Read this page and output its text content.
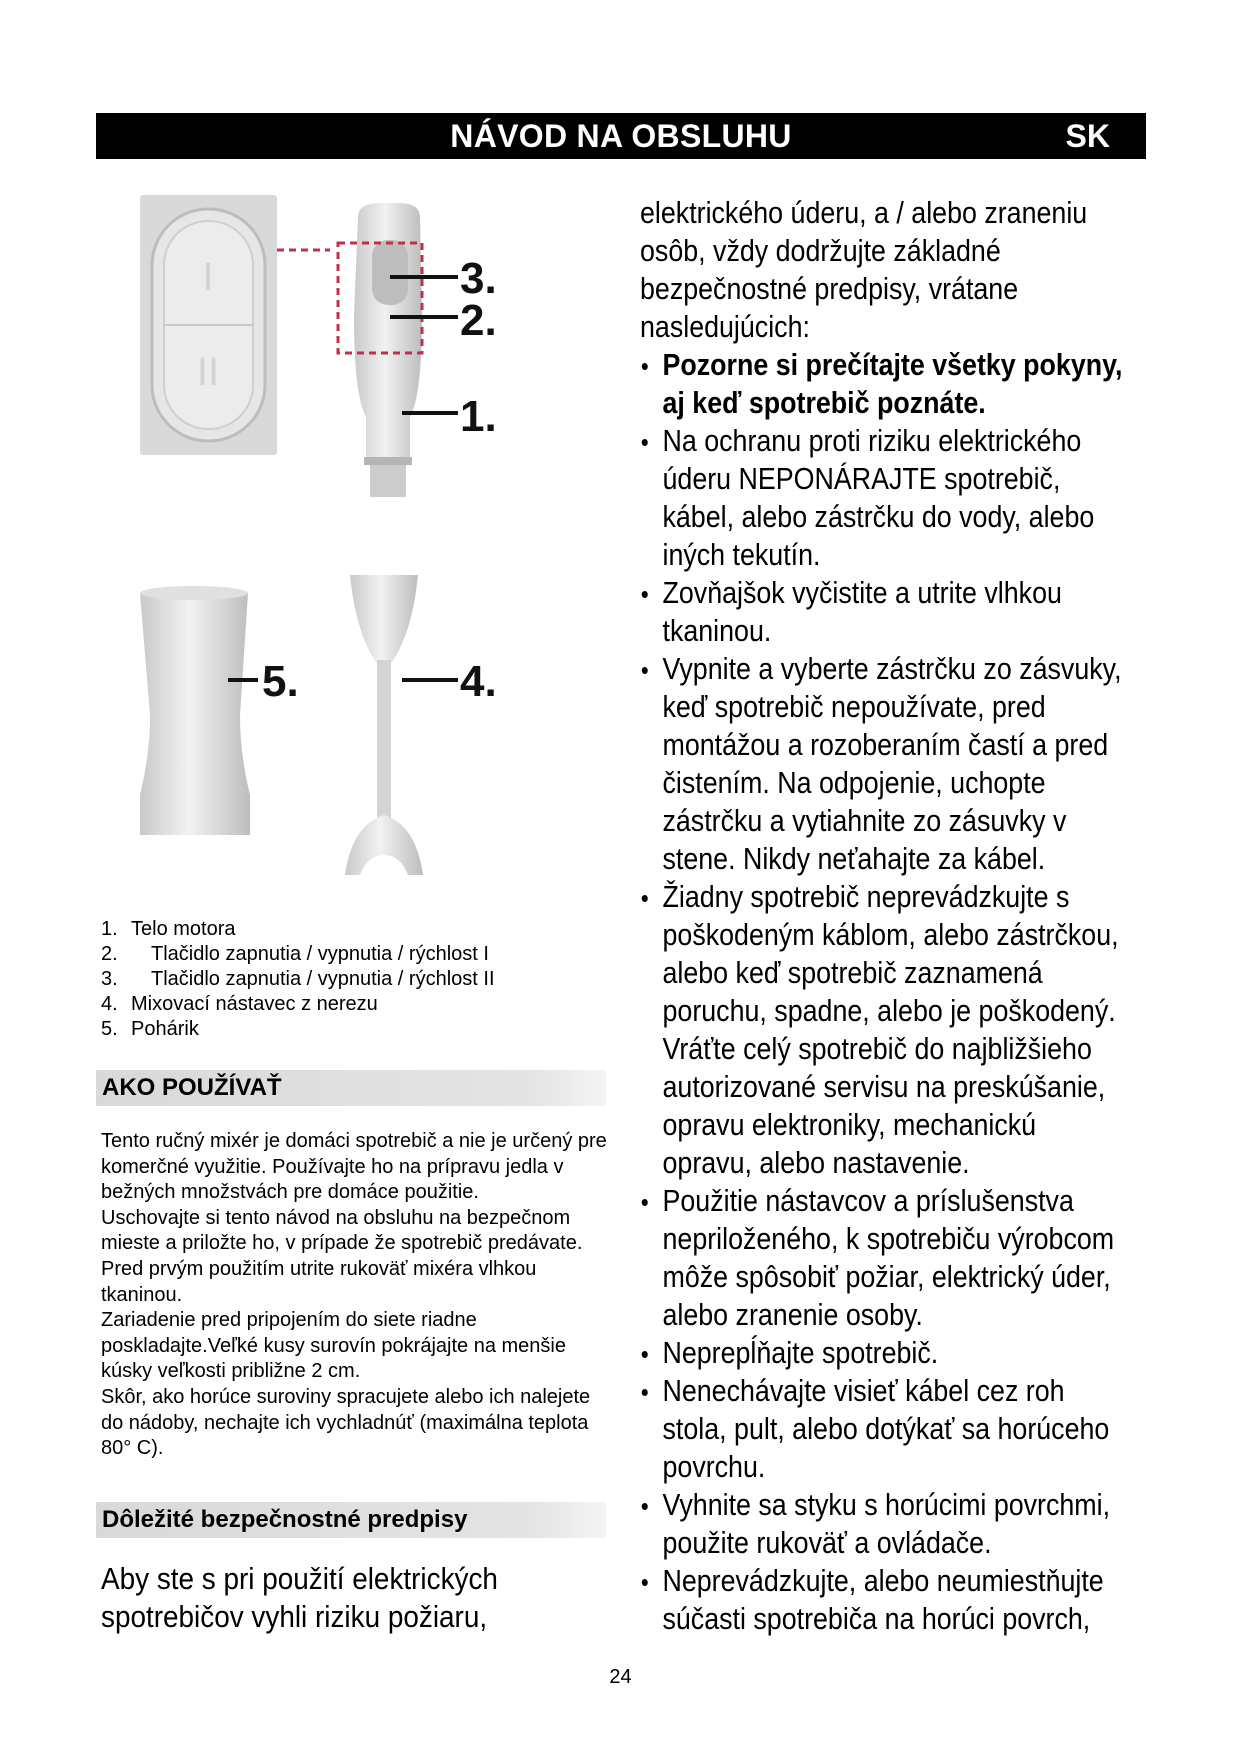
NÁVOD NA OBSLUHU	SK
I
II
3.
2.
1.
5.	4.
1. Telo motora
2.	Tlačidlo zapnutia / vypnutia / rýchlost I
3.	Tlačidlo zapnutia / vypnutia / rýchlost II
4. Mixovací nástavec z nerezu
5. Pohárik
AKO POUŽÍVAŤ

Tento ručný mixér je domáci spotrebič a nie je určený pre komerčné využitie. Používajte ho na prípravu jedla v bežných množstvách pre domáce použitie.

Uschovajte si tento návod na obsluhu na bezpečnom mieste a priložte ho, v prípade že spotrebič predávate. Pred prvým použitím utrite rukoväť mixéra vlhkou tkaninou.

Zariadenie pred pripojením do siete riadne poskladajte.Veľké kusy surovín pokrájajte na menšie kúsky veľkosti približne 2 cm.

Skôr, ako horúce suroviny spracujete alebo ich nalejete do nádoby, nechajte ich vychladnúť (maximálna teplota 80° C).

Dôležité bezpečnostné predpisy
Aby ste s pri použití elektrických spotrebičov vyhli riziku požiaru,

elektrického úderu, a / alebo zraneniu osôb, vždy dodržujte základné bezpečnostné predpisy, vrátane nasledujúcich:

Pozorne si prečítajte všetky pokyny, aj keď spotrebič poznáte.
Na ochranu proti riziku elektrického úderu NEPONÁRAJTE spotrebič, kábel, alebo zástrčku do vody, alebo iných tekutín.
Zovňajšok vyčistite a utrite vlhkou tkaninou.
Vypnite a vyberte zástrčku zo zásvuky, keď spotrebič nepoužívate, pred montážou a rozoberaním častí a pred čistením. Na odpojenie, uchopte zástrčku a vytiahnite zo zásuvky v stene. Nikdy neťahajte za kábel.
Žiadny spotrebič neprevádzkujte s poškodeným káblom, alebo zástrčkou, alebo keď spotrebič zaznamená poruchu, spadne, alebo je poškodený. Vráťte celý spotrebič do najbližšieho autorizované servisu na preskúšanie, opravu elektroniky, mechanickú opravu, alebo nastavenie.
Použitie nástavcov a príslušenstva nepriloženého, k spotrebiču výrobcom môže spôsobiť požiar, elektrický úder, alebo zranenie osoby.
Neprepĺňajte spotrebič.
Nenechávajte visieť kábel cez roh stola, pult, alebo dotýkať sa horúceho povrchu.
Vyhnite sa styku s horúcimi povrchmi, použite rukoväť a ovládače.
Neprevádzkujte, alebo neumiestňujte súčasti spotrebiča na horúci povrch,
24
